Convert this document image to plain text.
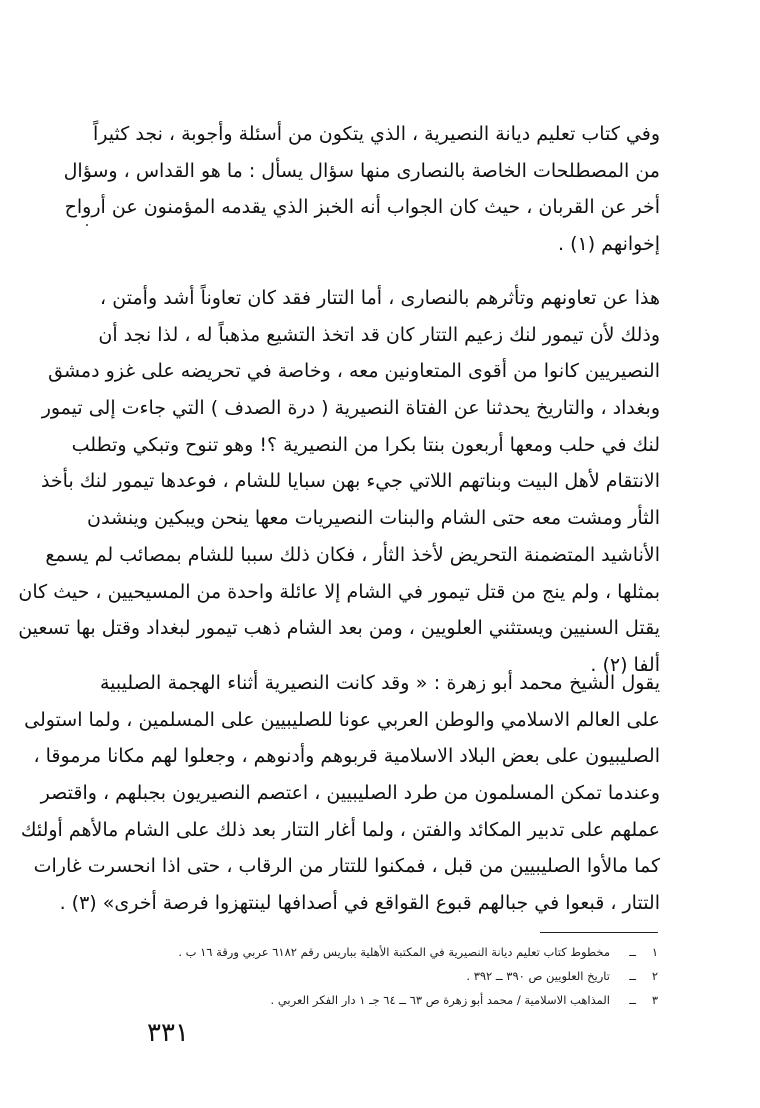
وفي كتاب تعليم ديانة النصيرية ، الذي يتكون من أسئلة وأجوبة ، نجد كثيراً
من المصطلحات الخاصة بالنصارى منها سؤال يسأل : ما هو القداس ، وسؤال
أخر عن القربان ، حيث كان الجواب أنه الخبز الذي يقدمه المؤمنون عن أرواح
إخوانهم (١) .
هذا عن تعاونهم وتأثرهم بالنصارى ، أما التتار فقد كان تعاوناً أشد وأمتن ،
وذلك لأن تيمور لنك زعيم التتار كان قد اتخذ التشيع مذهباً له ، لذا نجد أن
النصيريين كانوا من أقوى المتعاونين معه ، وخاصة في تحريضه على غزو دمشق
وبغداد ، والتاريخ يحدثنا عن الفتاة النصيرية ( درة الصدف ) التي جاءت إلى تيمور
لنك في حلب ومعها أربعون بنتا بكرا من النصيرية ؟! وهو تنوح وتبكي وتطلب
الانتقام لأهل البيت وبناتهم اللاتي جيء بهن سبايا للشام ، فوعدها تيمور لنك بأخذ
الثأر ومشت معه حتى الشام والبنات النصيريات معها ينحن ويبكين وينشدن
الأناشيد المتضمنة التحريض لأخذ الثأر ، فكان ذلك سببا للشام بمصائب لم يسمع
بمثلها ، ولم ينج من قتل تيمور في الشام إلا عائلة واحدة من المسيحيين ، حيث كان
يقتل السنيين ويستثني العلويين ، ومن بعد الشام ذهب تيمور لبغداد وقتل بها تسعين
ألفا (٢) .
يقول الشيخ محمد أبو زهرة : « وقد كانت النصيرية أثناء الهجمة الصليبية
على العالم الاسلامي والوطن العربي عونا للصليبيين على المسلمين ، ولما استولى
الصليبيون على بعض البلاد الاسلامية قربوهم وأدنوهم ، وجعلوا لهم مكانا مرموقا ،
وعندما تمكن المسلمون من طرد الصليبيين ، اعتصم النصيريون بجبلهم ، واقتصر
عملهم على تدبير المكائد والفتن ، ولما أغار التتار بعد ذلك على الشام مالأهم أولئك
كما مالأوا الصليبيين من قبل ، فمكنوا للتتار من الرقاب ، حتى اذا انحسرت غارات
التتار ، قبعوا في جبالهم قبوع القواقع في أصدافها لينتهزوا فرصة أخرى» (٣) .
١ــمخطوط كتاب تعليم ديانة النصيرية في المكتبة الأهلية بباريس رقم ٦١٨٢ عربي ورقة ١٦ ب .
٢ــتاريخ العلويين ص ٣٩٠ ــ ٣٩٢ .
٣ــالمذاهب الاسلامية / محمد أبو زهرة ص ٦٣ ــ ٦٤ جـ ١ دار الفكر العربي .
٣٣١
